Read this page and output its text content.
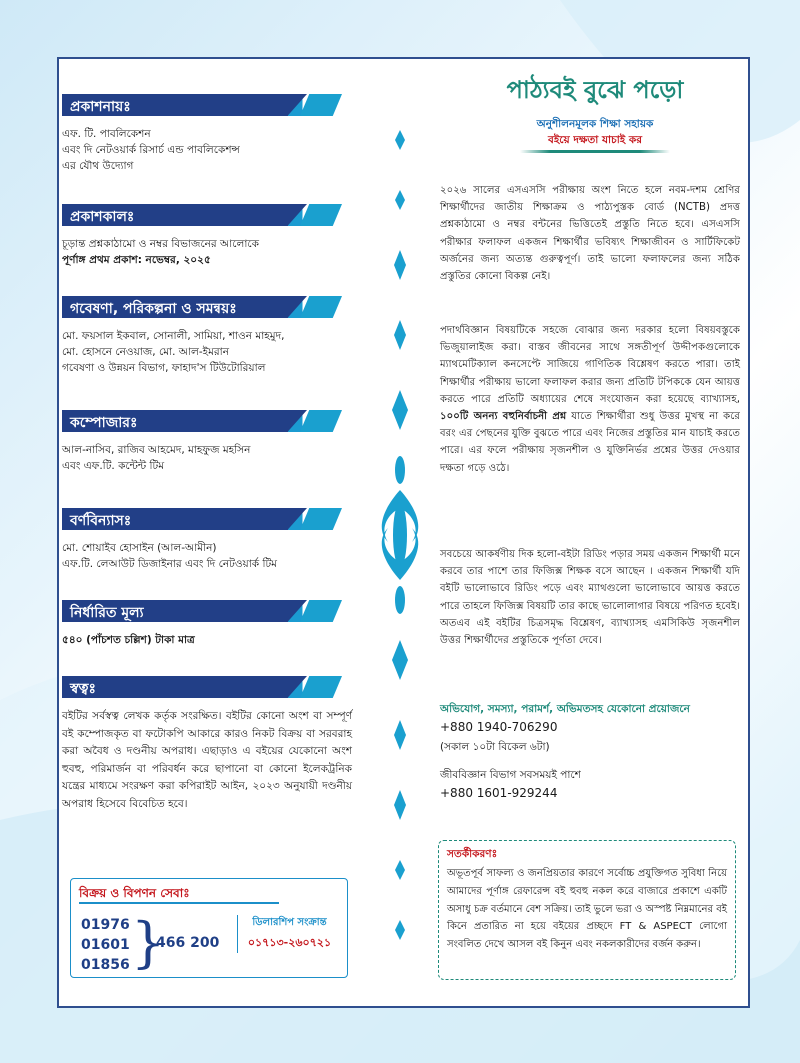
প্রকাশনায়ঃ
এফ. টি. পাবলিকেশন
এবং দি নেটওয়ার্ক রিসার্চ এন্ড পাবলিকেশন্স
এর যৌথ উদ্যোগ
প্রকাশকালঃ
চূড়ান্ত প্রশ্নকাঠামো ও নম্বর বিভাজনের আলোকে
পূর্ণাঙ্গ প্রথম প্রকাশ: নভেম্বর, ২০২৫
গবেষণা, পরিকল্পনা ও সমন্বয়ঃ
মো. ফয়সাল ইকবাল, সোনালী, সামিয়া, শাওন মাহমুদ,
মো. হোসনে নেওয়াজ, মো. আল-ইমরান
গবেষণা ও উন্নয়ন বিভাগ, ফাহাদ'স টিউটোরিয়াল
কম্পোজারঃ
আল-নাসিব, রাজিব আহমেদ, মাহফুজ মহসিন
এবং এফ.টি. কন্টেন্ট টিম
বর্ণবিন্যাসঃ
মো. শোয়াইব হোসাইন (আল-আমীন)
এফ.টি. লেআউট ডিজাইনার এবং দি নেটওয়ার্ক টিম
নির্ধারিত মূল্য
৫৪০ (পাঁচশত চল্লিশ) টাকা মাত্র
স্বত্বঃ
বইটির সর্বস্বত্ব লেখক কর্তৃক সংরক্ষিত। বইটির কোনো অংশ বা সম্পূর্ণ বই কম্পোজকৃত বা ফটোকপি আকারে কারও নিকট বিক্রয় বা সরবরাহ করা অবৈধ ও দণ্ডনীয় অপরাধ। এছাড়াও এ বইয়ের যেকোনো অংশ হুবহু, পরিমার্জন বা পরিবর্ধন করে ছাপানো বা কোনো ইলেকট্রনিক যন্ত্রের মাধ্যমে সংরক্ষণ করা কপিরাইট আইন, ২০২৩ অনুযায়ী দণ্ডনীয় অপরাধ হিসেবে বিবেচিত হবে।
বিক্রয় ও বিপণন সেবাঃ
01976
01601
01856 }
466 200
ডিলারশিপ সংক্রান্ত
০১৭১৩-২৬০৭২১
পাঠ্যবই বুঝে পড়ো
অনুশীলনমূলক শিক্ষা সহায়ক
বইয়ে দক্ষতা যাচাই কর
২০২৬ সালের এসএসসি পরীক্ষায় অংশ নিতে হলে নবম-দশম শ্রেণির শিক্ষার্থীদের জাতীয় শিক্ষাক্রম ও পাঠ্যপুস্তক বোর্ড (NCTB) প্রদত্ত প্রশ্নকাঠামো ও নম্বর বন্টনের ভিত্তিতেই প্রস্তুতি নিতে হবে। এসএসসি পরীক্ষার ফলাফল একজন শিক্ষার্থীর ভবিষ্যৎ শিক্ষাজীবন ও সার্টিফিকেট অর্জনের জন্য অত্যন্ত গুরুত্বপূর্ণ। তাই ভালো ফলাফলের জন্য সঠিক প্রস্তুতির কোনো বিকল্প নেই।
পদার্থবিজ্ঞান বিষয়টিকে সহজে বোঝার জন্য দরকার হলো বিষয়বস্তুকে ভিজুয়ালাইজ করা। বাস্তব জীবনের সাথে সঙ্গতীপূর্ণ উদ্দীপকগুলোকে ম্যাথমেটিক্যাল কনসেপ্টে সাজিয়ে গাণিতিক বিশ্লেষণ করতে পারা। তাই শিক্ষার্থীর পরীক্ষায় ভালো ফলাফল করার জন্য প্রতিটি টপিককে যেন আয়ত্ত করতে পারে প্রতিটি অধ্যায়ের শেষে সংযোজন করা হয়েছে ব্যাখ্যাসহ, ১০০টি অনন্য বহুনির্বাচনী প্রশ্ন যাতে শিক্ষার্থীরা শুধু উত্তর মুখস্থ না করে বরং এর পেছনের যুক্তি বুঝতে পারে এবং নিজের প্রস্তুতির মান যাচাই করতে পারে। এর ফলে পরীক্ষায় সৃজনশীল ও যুক্তিনির্ভর প্রশ্নের উত্তর দেওয়ার দক্ষতা গড়ে ওঠে।
সবচেয়ে আকর্ষণীয় দিক হলো-বইটা রিডিং পড়ার সময় একজন শিক্ষার্থী মনে করবে তার পাশে তার ফিজিক্স শিক্ষক বসে আছেন । একজন শিক্ষার্থী যদি বইটি ভালোভাবে রিডিং পড়ে এবং ম্যাথগুলো ভালোভাবে আয়ত্ত করতে পারে তাহলে ফিজিক্স বিষয়টি তার কাছে ভালোলাগার বিষয়ে পরিণত হবেই। অতএব এই বইটির চিত্রসমৃদ্ধ বিশ্লেষণ, ব্যাখ্যাসহ এমসিকিউ সৃজনশীল উত্তর শিক্ষার্থীদের প্রস্তুতিকে পূর্ণতা দেবে।
অভিযোগ, সমস্যা, পরামর্শ, অভিমতসহ যেকোনো প্রয়োজনে
+880 1940-706290
(সকাল ১০টা বিকেল ৬টা)
জীববিজ্ঞান বিভাগ সবসময়ই পাশে
+880 1601-929244
সতর্কীকরণঃ
অভূতপূর্ব সাফল্য ও জনপ্রিয়তার কারণে সর্বোচ্চ প্রযুক্তিগত সুবিধা নিয়ে আমাদের পূর্ণাঙ্গ রেফারেন্স বই হুবহু নকল করে বাজারে প্রকাশে একটি অসাধু চক্র বর্তমানে বেশ সক্রিয়। তাই ভুলে ভরা ও অস্পষ্ট নিম্নমানের বই কিনে প্রতারিত না হয়ে বইয়ের প্রচ্ছদে FT & ASPECT লোগো সংবলিত দেখে আসল বই কিনুন এবং নকলকারীদের বর্জন করুন।
